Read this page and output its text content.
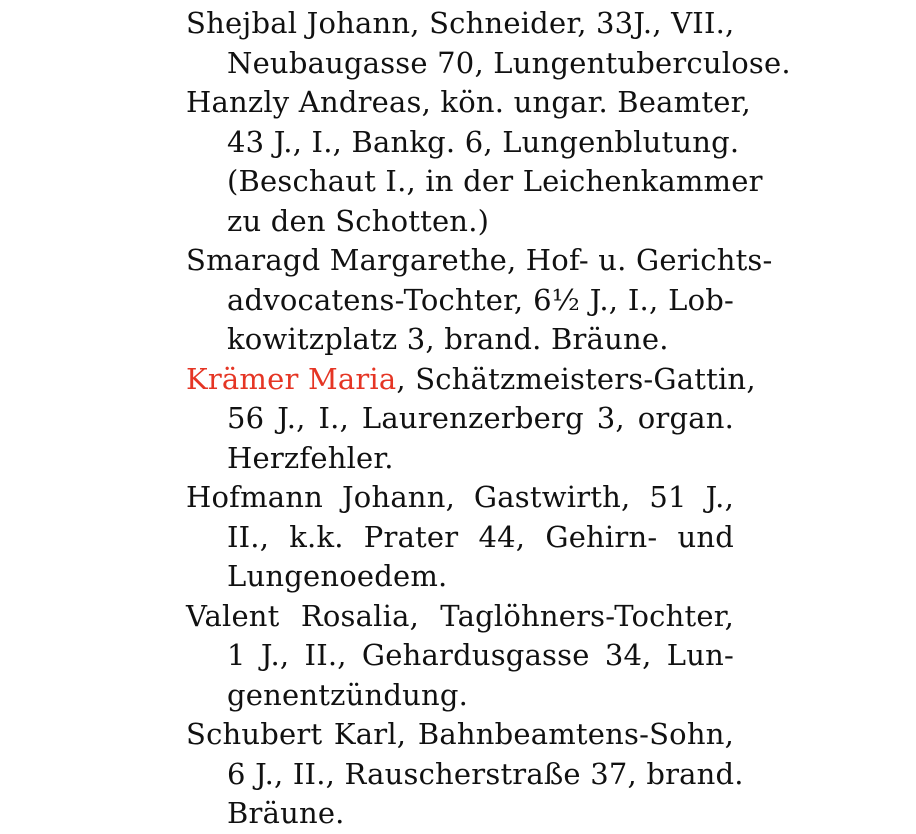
Shejbal Johann, Schneider, 33J., VII.,
Neubaugasse 70, Lungentuberculose.
Hanzly Andreas, kön. ungar. Beamter,
43 J., I., Bankg. 6, Lungenblutung.
(Beschaut I., in der Leichenkammer
zu den Schotten.)
Smaragd Margarethe, Hof- u. Gerichts-
advocatens-Tochter, 6½ J., I., Lob-
kowitzplatz 3, brand. Bräune.
Krämer Maria, Schätzmeisters-Gattin,
56 J., I., Laurenzerberg 3, organ.
Herzfehler.
Hofmann Johann, Gastwirth, 51 J.,
II., k.k. Prater 44, Gehirn- und
Lungenoedem.
Valent Rosalia, Taglöhners-Tochter,
1 J., II., Gehardusgasse 34, Lun-
genentzündung.
Schubert Karl, Bahnbeamtens-Sohn,
6 J., II., Rauscherstraße 37, brand.
Bräune.
